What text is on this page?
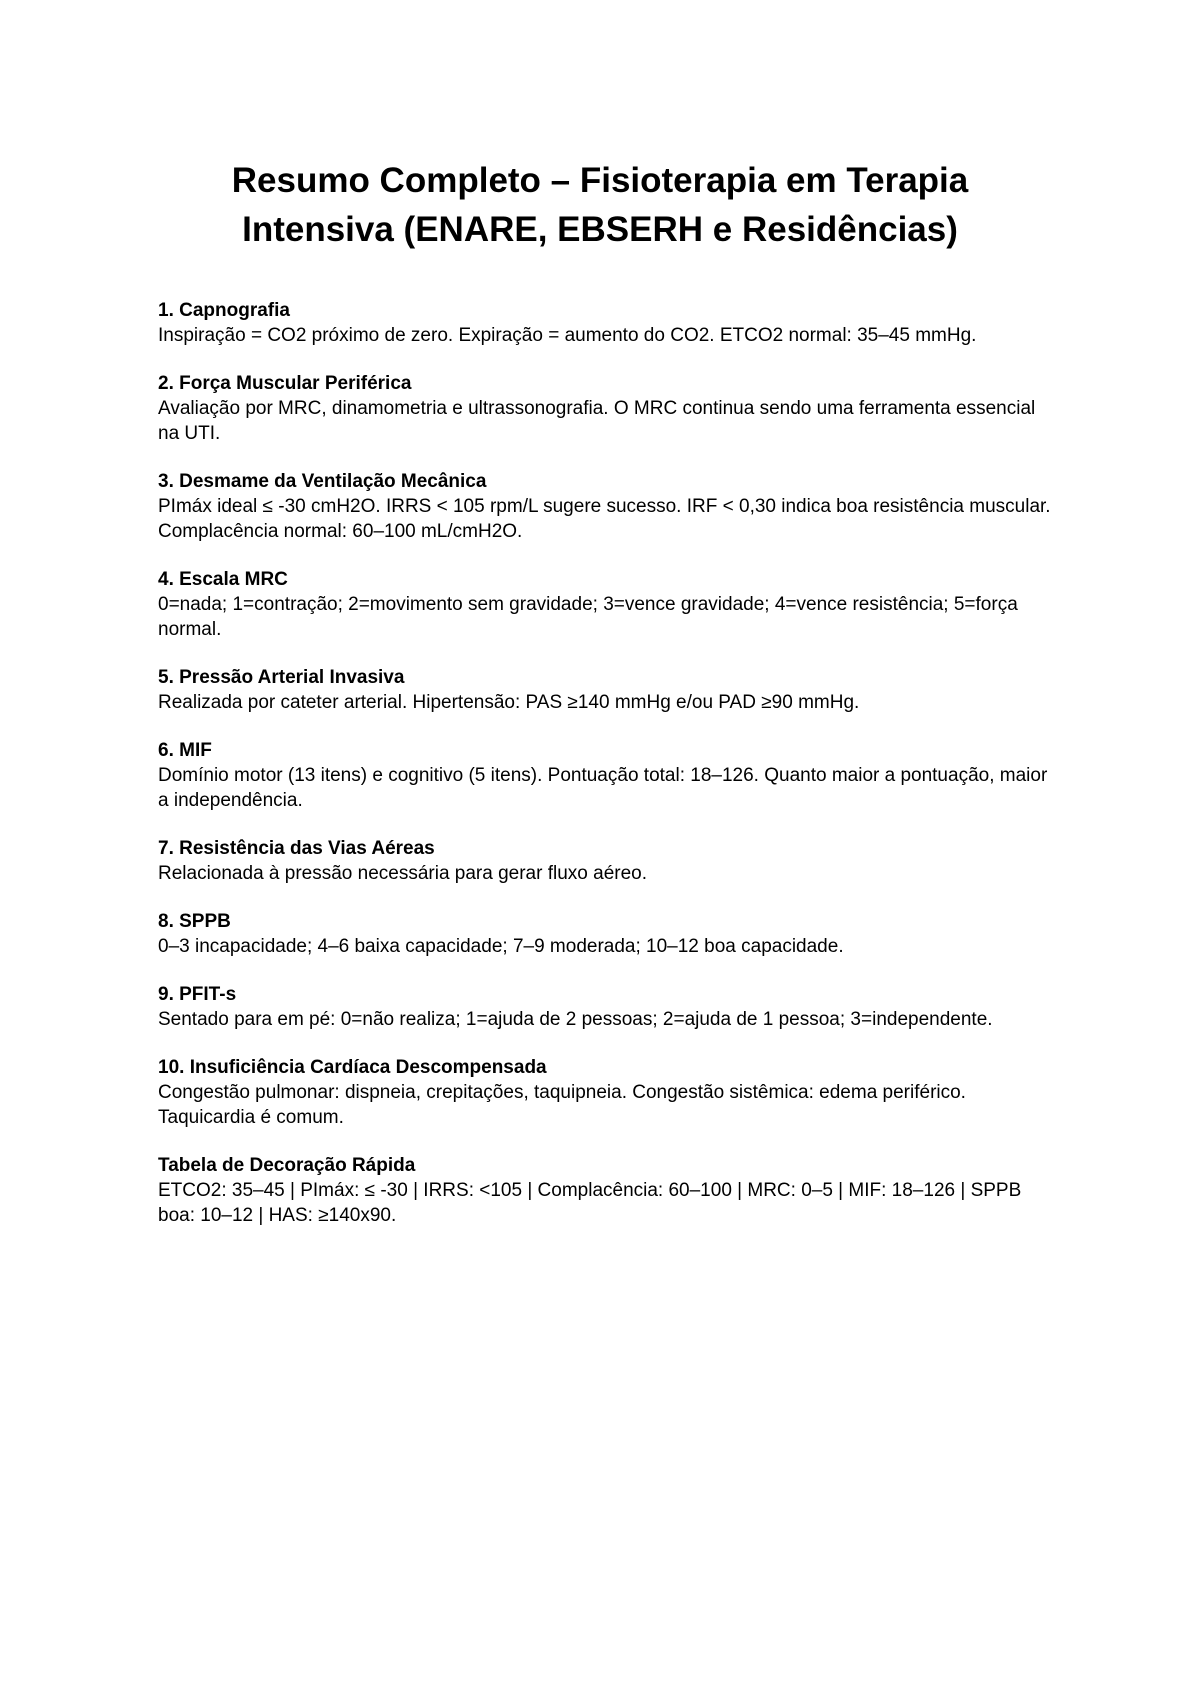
Resumo Completo – Fisioterapia em Terapia
Intensiva (ENARE, EBSERH e Residências)

1. Capnografia

Inspiração = CO2 próximo de zero. Expiração = aumento do CO2. ETCO2 normal: 35–45 mmHg.

2. Força Muscular Periférica

Avaliação por MRC, dinamometria e ultrassonografia. O MRC continua sendo uma ferramenta essencial na UTI.

3. Desmame da Ventilação Mecânica

PImáx ideal ≤ -30 cmH2O. IRRS < 105 rpm/L sugere sucesso. IRF < 0,30 indica boa resistência muscular. Complacência normal: 60–100 mL/cmH2O.

4. Escala MRC

0=nada; 1=contração; 2=movimento sem gravidade; 3=vence gravidade; 4=vence resistência; 5=força normal.

5. Pressão Arterial Invasiva

Realizada por cateter arterial. Hipertensão: PAS ≥140 mmHg e/ou PAD ≥90 mmHg.

6. MIF

Domínio motor (13 itens) e cognitivo (5 itens). Pontuação total: 18–126. Quanto maior a pontuação, maior a independência.

7. Resistência das Vias Aéreas

Relacionada à pressão necessária para gerar fluxo aéreo.

8. SPPB

0–3 incapacidade; 4–6 baixa capacidade; 7–9 moderada; 10–12 boa capacidade.

9. PFIT-s

Sentado para em pé: 0=não realiza; 1=ajuda de 2 pessoas; 2=ajuda de 1 pessoa; 3=independente.

10. Insuficiência Cardíaca Descompensada

Congestão pulmonar: dispneia, crepitações, taquipneia. Congestão sistêmica: edema periférico. Taquicardia é comum.

Tabela de Decoração Rápida

ETCO2: 35–45 | PImáx: ≤ -30 | IRRS: <105 | Complacência: 60–100 | MRC: 0–5 | MIF: 18–126 | SPPB boa: 10–12 | HAS: ≥140x90.
